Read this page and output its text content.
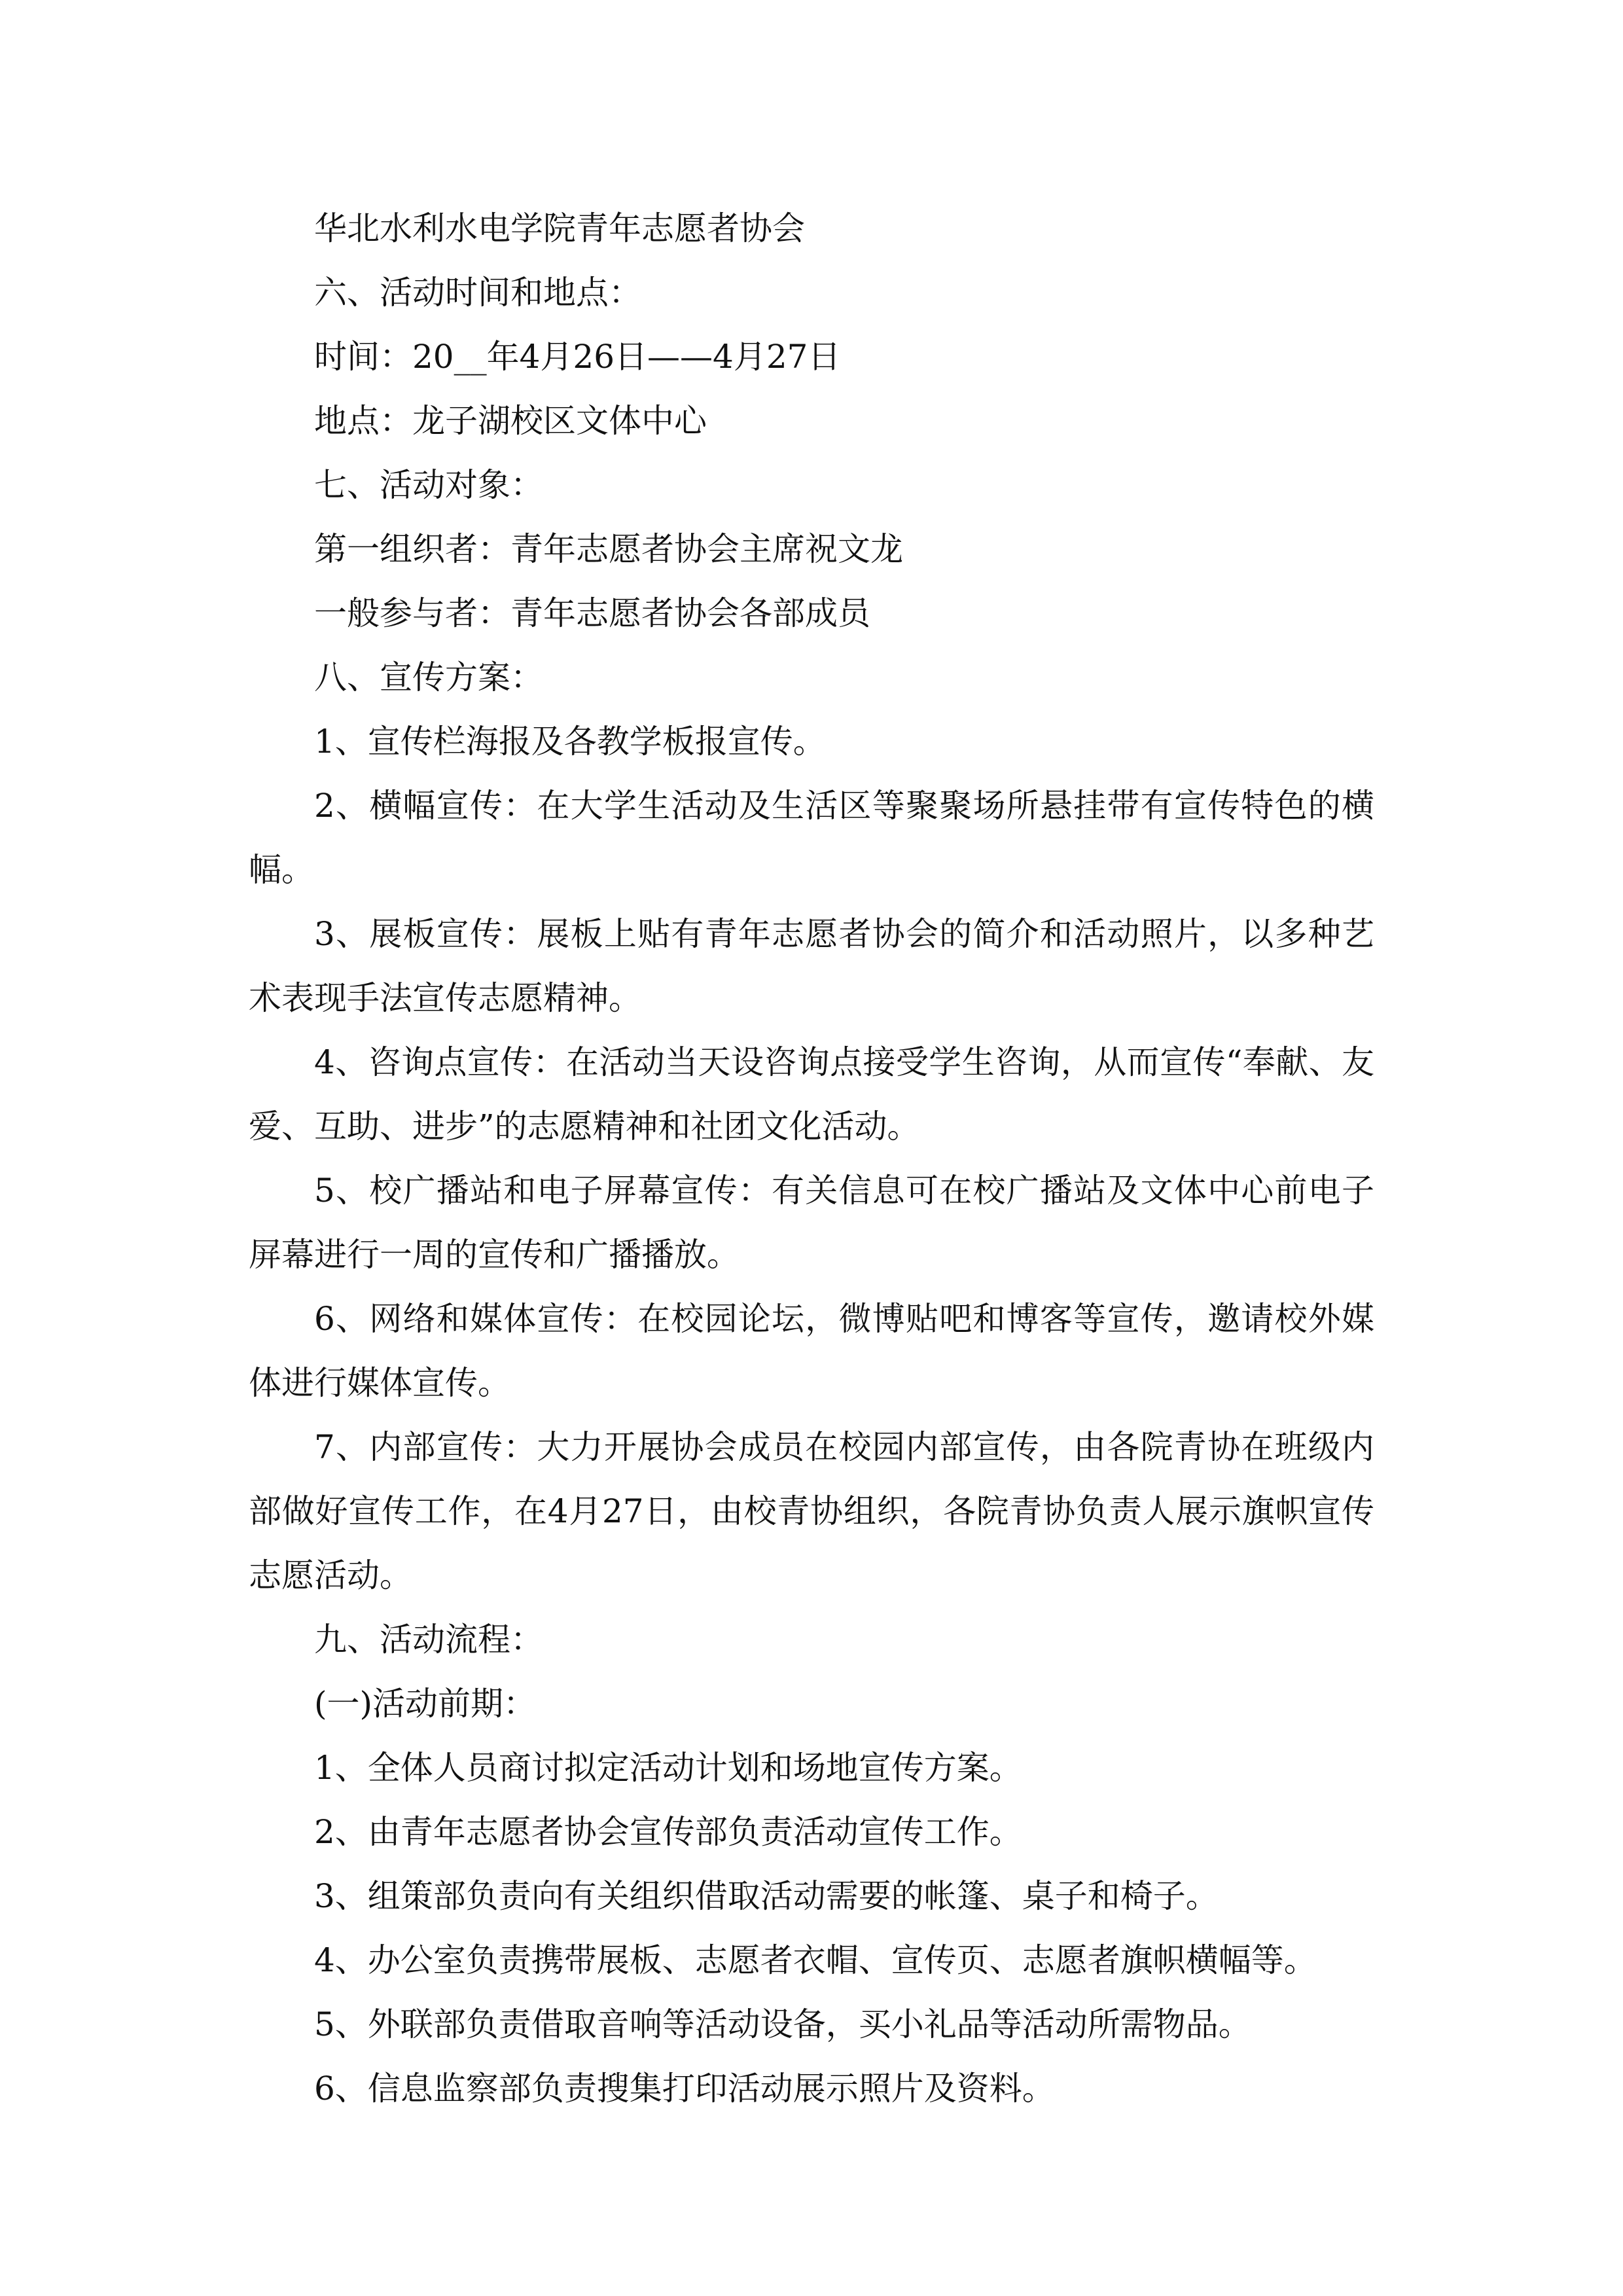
华北水利水电学院青年志愿者协会

六、活动时间和地点：

时间：20__年4月26日——4月27日

地点：龙子湖校区文体中心

七、活动对象：

第一组织者：青年志愿者协会主席祝文龙

一般参与者：青年志愿者协会各部成员

八、宣传方案：

1、宣传栏海报及各教学板报宣传。

2、横幅宣传：在大学生活动及生活区等聚聚场所悬挂带有宣传特色的横幅。

3、展板宣传：展板上贴有青年志愿者协会的简介和活动照片，以多种艺术表现手法宣传志愿精神。

4、咨询点宣传：在活动当天设咨询点接受学生咨询，从而宣传“奉献、友爱、互助、进步”的志愿精神和社团文化活动。

5、校广播站和电子屏幕宣传：有关信息可在校广播站及文体中心前电子屏幕进行一周的宣传和广播播放。

6、网络和媒体宣传：在校园论坛，微博贴吧和博客等宣传，邀请校外媒体进行媒体宣传。

7、内部宣传：大力开展协会成员在校园内部宣传，由各院青协在班级内部做好宣传工作，在4月27日，由校青协组织，各院青协负责人展示旗帜宣传志愿活动。

九、活动流程：

(一)活动前期：

1、全体人员商讨拟定活动计划和场地宣传方案。

2、由青年志愿者协会宣传部负责活动宣传工作。

3、组策部负责向有关组织借取活动需要的帐篷、桌子和椅子。

4、办公室负责携带展板、志愿者衣帽、宣传页、志愿者旗帜横幅等。

5、外联部负责借取音响等活动设备，买小礼品等活动所需物品。

6、信息监察部负责搜集打印活动展示照片及资料。
